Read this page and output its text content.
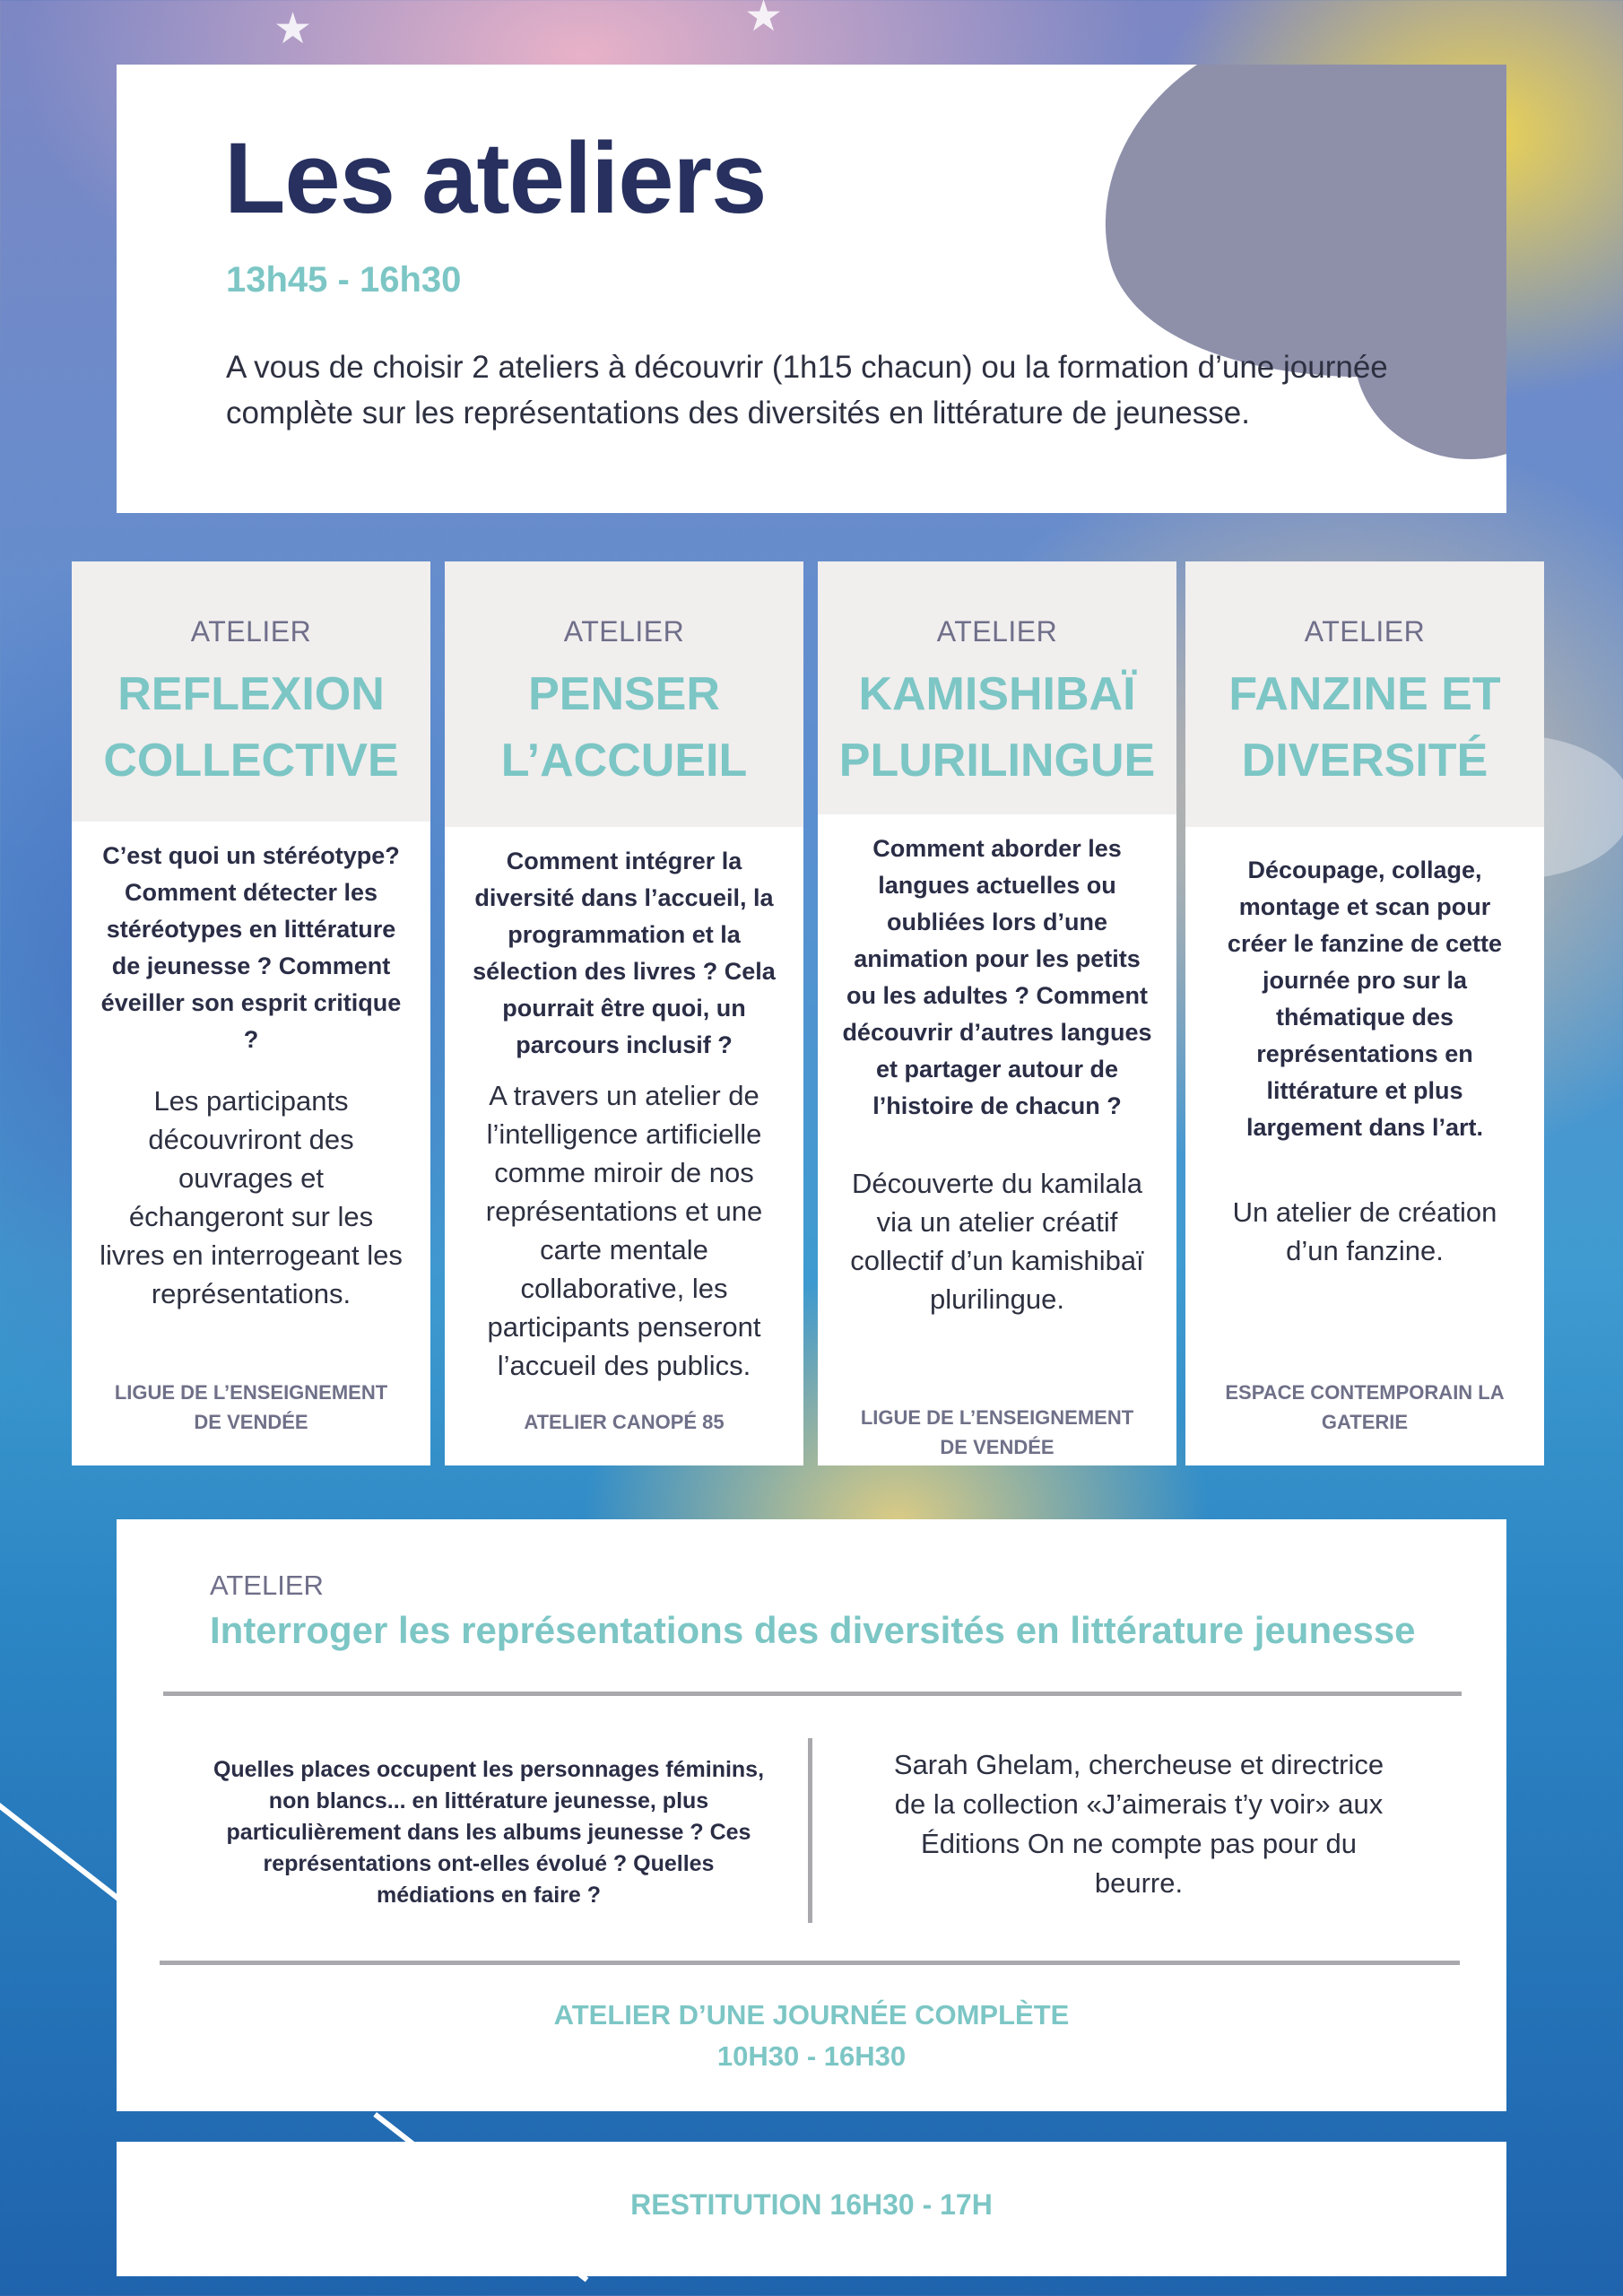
★	★
Les ateliers
13h45 - 16h30

A vous de choisir 2 ateliers à découvrir (1h15 chacun) ou la formation d’une journée complète sur les représentations des diversités en littérature de jeunesse.

ATELIER
REFLEXION
COLLECTIVE

C’est quoi un stéréotype? Comment détecter les stéréotypes en littérature de jeunesse ? Comment éveiller son esprit critique ?

Les participants découvriront des ouvrages et échangeront sur les livres en interrogeant les représentations.

LIGUE DE L’ENSEIGNEMENT DE VENDÉE
ATELIER
PENSER
L’ACCUEIL

Comment intégrer la diversité dans l’accueil, la programmation et la sélection des livres ? Cela pourrait être quoi, un parcours inclusif ?

A travers un atelier de l’intelligence artificielle comme miroir de nos représentations et une carte mentale collaborative, les participants penseront l’accueil des publics.

ATELIER CANOPÉ 85
ATELIER
KAMISHIBAÏ
PLURILINGUE

Comment aborder les langues actuelles ou oubliées lors d’une animation pour les petits ou les adultes ? Comment découvrir d’autres langues et partager autour de l’histoire de chacun ?

Découverte du kamilala via un atelier créatif collectif d’un kamishibaï plurilingue.

LIGUE DE L’ENSEIGNEMENT DE VENDÉE
ATELIER
FANZINE ET
DIVERSITÉ

Découpage, collage, montage et scan pour créer le fanzine de cette journée pro sur la thématique des représentations en littérature et plus largement dans l’art.

Un atelier de création d’un fanzine.

ESPACE CONTEMPORAIN LA GATERIE
ATELIER
Interroger les représentations des diversités en littérature jeunesse

Quelles places occupent les personnages féminins, non blancs... en littérature jeunesse, plus particulièrement dans les albums jeunesse ? Ces représentations ont-elles évolué ? Quelles médiations en faire ?

Sarah Ghelam, chercheuse et directrice de la collection «J’aimerais t’y voir» aux Éditions On ne compte pas pour du beurre.

ATELIER D’UNE JOURNÉE COMPLÈTE
10H30 - 16H30
RESTITUTION 16H30 - 17H
